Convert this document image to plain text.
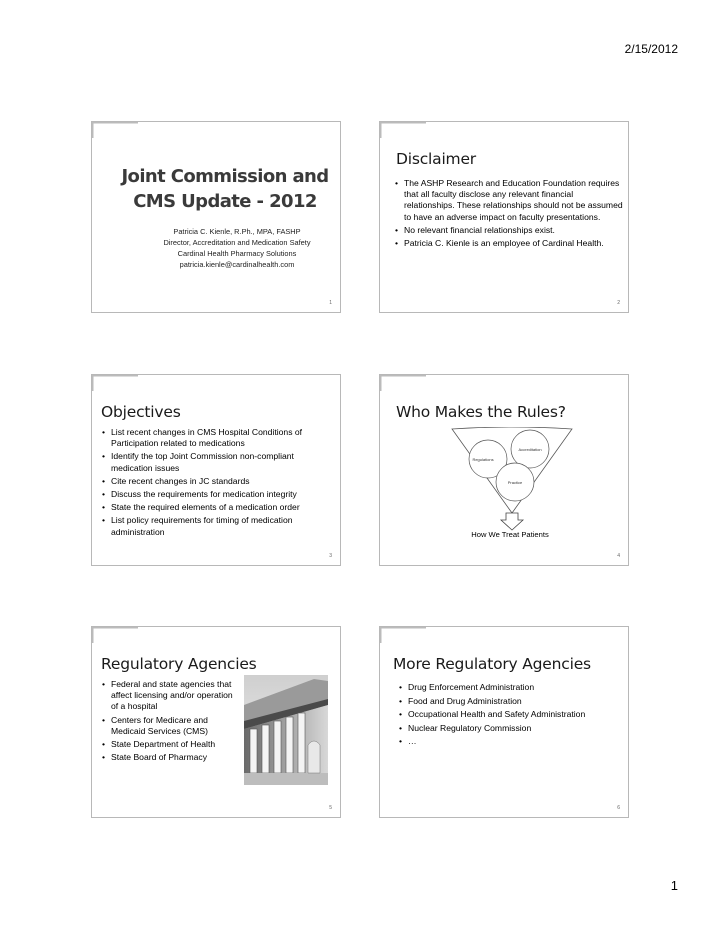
2/15/2012
Joint Commission and
CMS Update - 2012
Patricia C. Kienle, R.Ph., MPA, FASHP
Director, Accreditation and Medication Safety
Cardinal Health Pharmacy Solutions
patricia.kienle@cardinalhealth.com
1
Disclaimer
• The ASHP Research and Education Foundation requires that all faculty disclose any relevant financial relationships. These relationships should not be assumed to have an adverse impact on faculty presentations.
• No relevant financial relationships exist.
• Patricia C. Kienle is an employee of Cardinal Health.
2
Objectives
• List recent changes in CMS Hospital Conditions of Participation related to medications
• Identify the top Joint Commission non-compliant medication issues
• Cite recent changes in JC standards
• Discuss the requirements for medication integrity
• State the required elements of a medication order
• List policy requirements for timing of medication administration
3
Who Makes the Rules?
Accreditation
Regulations
Practice
How We Treat Patients
4
Regulatory Agencies
• Federal and state agencies that affect licensing and/or operation of a hospital
• Centers for Medicare and Medicaid Services (CMS)
• State Department of Health
• State Board of Pharmacy
5
More Regulatory Agencies
• Drug Enforcement Administration
• Food and Drug Administration
• Occupational Health and Safety Administration
• Nuclear Regulatory Commission
• …
6
1
